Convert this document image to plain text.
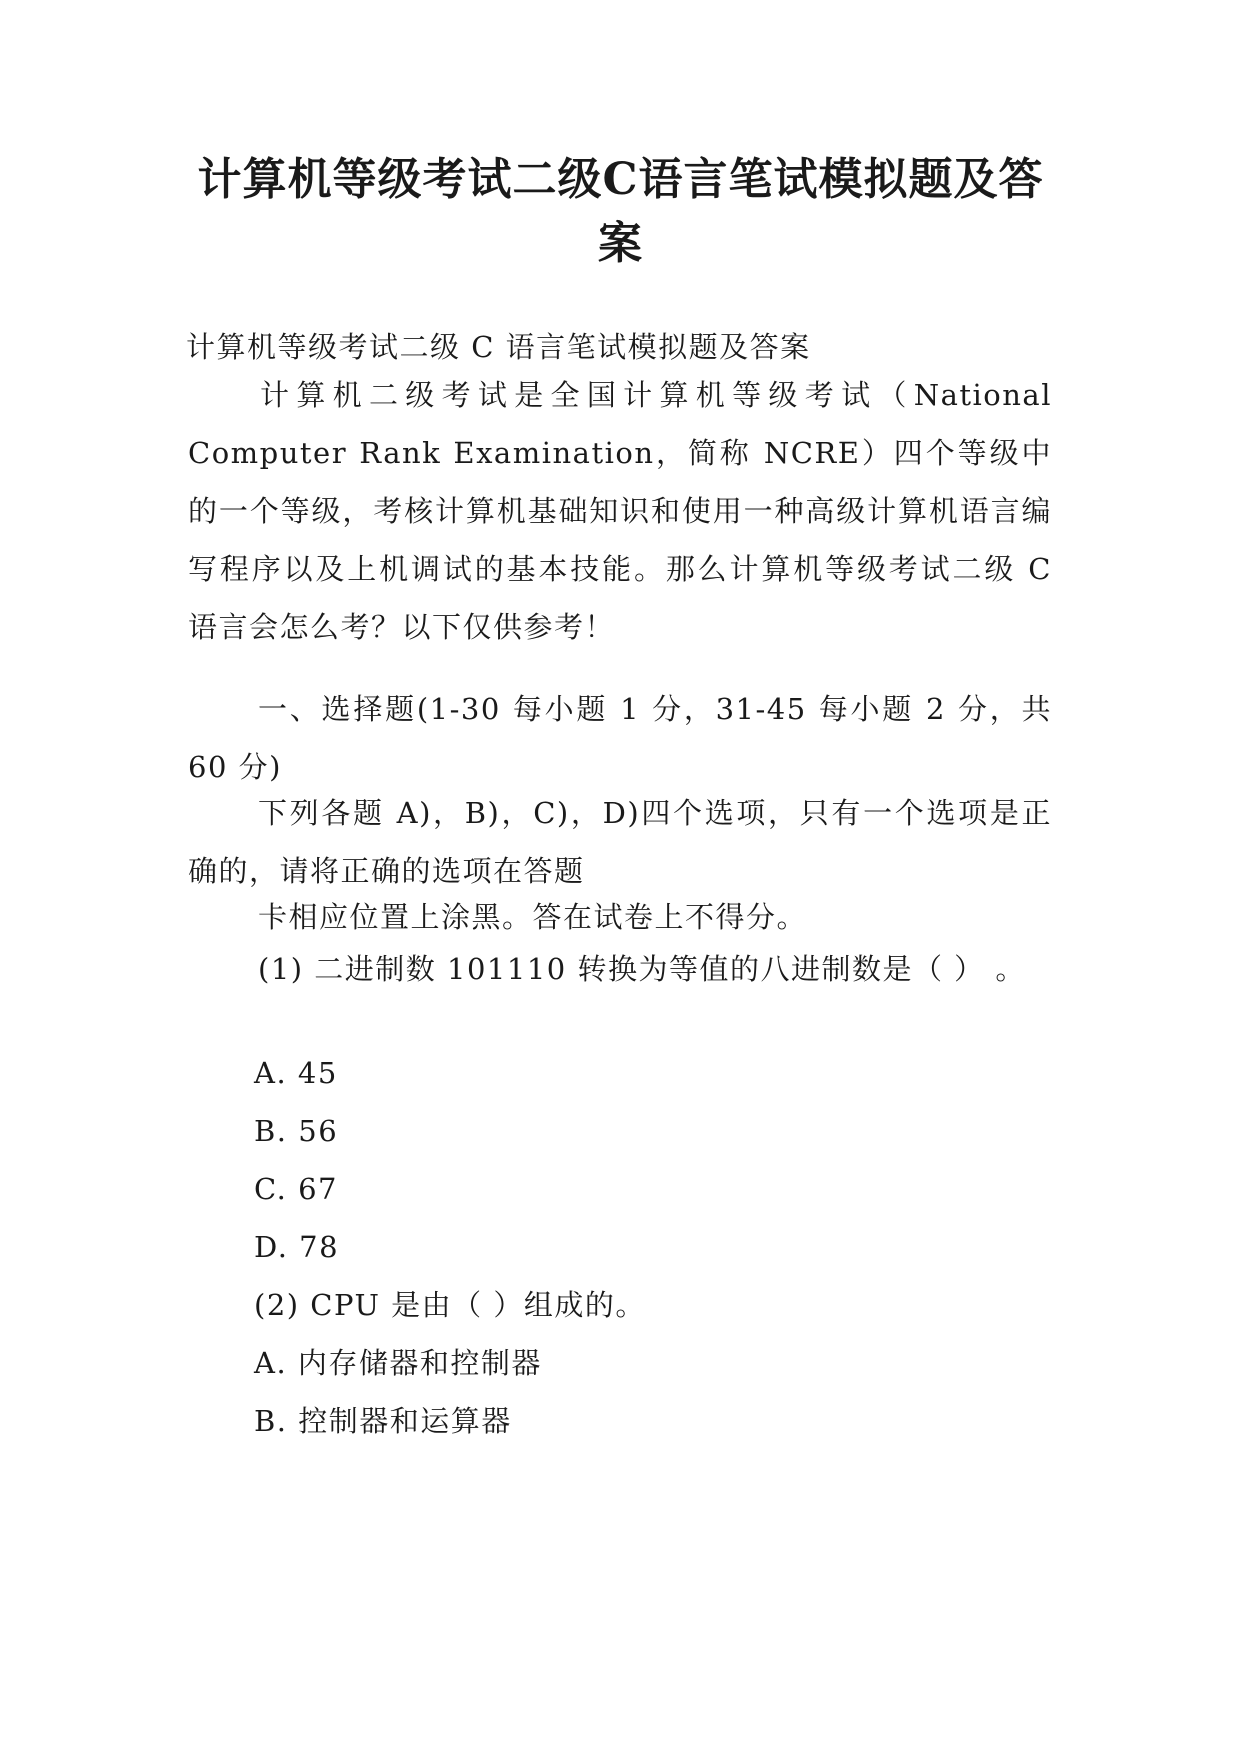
计算机等级考试二级C语言笔试模拟题及答案

计算机等级考试二级 C 语言笔试模拟题及答案

计算机二级考试是全国计算机等级考试（National Computer Rank Examination，简称 NCRE）四个等级中的一个等级，考核计算机基础知识和使用一种高级计算机语言编写程序以及上机调试的基本技能。那么计算机等级考试二级 C 语言会怎么考？以下仅供参考！

一、选择题(1-30 每小题 1 分，31-45 每小题 2 分，共 60 分)

下列各题 A)，B)，C)，D)四个选项，只有一个选项是正确的，请将正确的选项在答题

卡相应位置上涂黑。答在试卷上不得分。

(1) 二进制数 101110 转换为等值的八进制数是（ ） 。

A. 45

B. 56

C. 67

D. 78

(2) CPU 是由（ ）组成的。

A. 内存储器和控制器

B. 控制器和运算器
